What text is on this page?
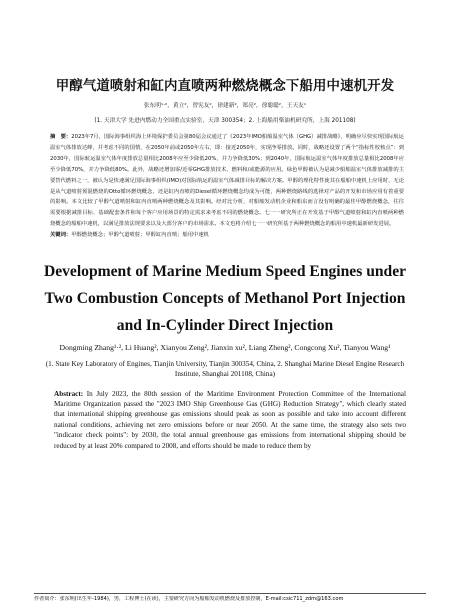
甲醇气道喷射和缸内直喷两种燃烧概念下船用中速机开发
张东明¹·²，黄立²，曾宪友²，徐建新²，郑亮²，徐聪聪²，王天友¹
(1. 天津大学 先进内燃动力全国重点实验室，天津 300354；2. 上海船用柴油机研究所，上海 201108)
摘　要：2023年7月，国际海事组织海上环境保护委员会第80届会议通过了《2023年IMO船舶温室气体（GHG）减排战略》，明确应尽快实现国际航运温室气体排放达峰，并考虑不同的国情，在2050年前或2050年左右，即：接近2050年，实现净零排放。同时，战略还设置了两个“指标性校核点”：到2030年，国际航运温室气体年度排放总量相比2008年应至少降低20%，并力争降低30%；到2040年，国际航运温室气体年度排放总量相比2008年应至少降低70%，并力争降低80%。此外，战略还增加零/近零GHG排放技术、燃料和/或能源的应用。绿色甲醇被认为是减少船舶温室气体排放减排的主要替代燃料之一，被认为是快速满足国际海事组织(IMO)对国际航运的温室气体减排目标的解决方案。甲醇的理化特性使其在船舶中速机上应用时，无论是从气道喷射预混燃烧的Otto循环燃烧概念，还是缸内直喷的Diesel循环燃烧概念均成为可能，两种燃烧路线的选择对产品的开发和市场应用有着重要的影响。本文比较了甲醇气道喷射和缸内直喷两种燃烧概念及其影响。经对比分析，对船舶发动机企业和船东而言没有明确的最佳甲醇燃烧概念，往往需要根据减排目标、基础配套条件和每个客户应用场景的特定需求来考虑不同的燃烧概念。七一一研究所正在开发基于甲醇气道喷射和缸内直喷两种燃烧概念的船舶中速机，以满足排放法规要求以及大部分客户的市场需求。本文也将介绍七一一研究所基于两种燃烧概念的船用中速机最新研发进展。
关键词：甲醇燃烧概念；甲醇气道喷射；甲醇缸内直喷；船用中速机
Development of Marine Medium Speed Engines under Two Combustion Concepts of Methanol Port Injection and In-Cylinder Direct Injection
Dongming Zhang¹·², Li Huang², Xianyou Zeng², Jianxin xu², Liang Zheng², Congcong Xu², Tianyou Wang¹
(1. State Key Laboratory of Engines, Tianjin University, Tianjin 300354, China, 2. Shanghai Marine Diesel Engine Research Institute, Shanghai 201108, China)
Abstract: In July 2023, the 80th session of the Maritime Environment Protection Committee of the International Maritime Organization passed the "2023 IMO Ship Greenhouse Gas (GHG) Reduction Strategy", which clearly stated that international shipping greenhouse gas emissions should peak as soon as possible and take into account different national conditions, achieving net zero emissions before or near 2050. At the same time, the strategy also sets two "indicator check points": by 2030, the total annual greenhouse gas emissions from international shipping should be reduced by at least 20% compared to 2008, and efforts should be made to reduce them by
作者简介：张东明(出生年-1984)，男，工程博士(在读)，主要研究方向为船舶发动机燃烧及排放控制，E-mail:csic711_zdm@163.com
